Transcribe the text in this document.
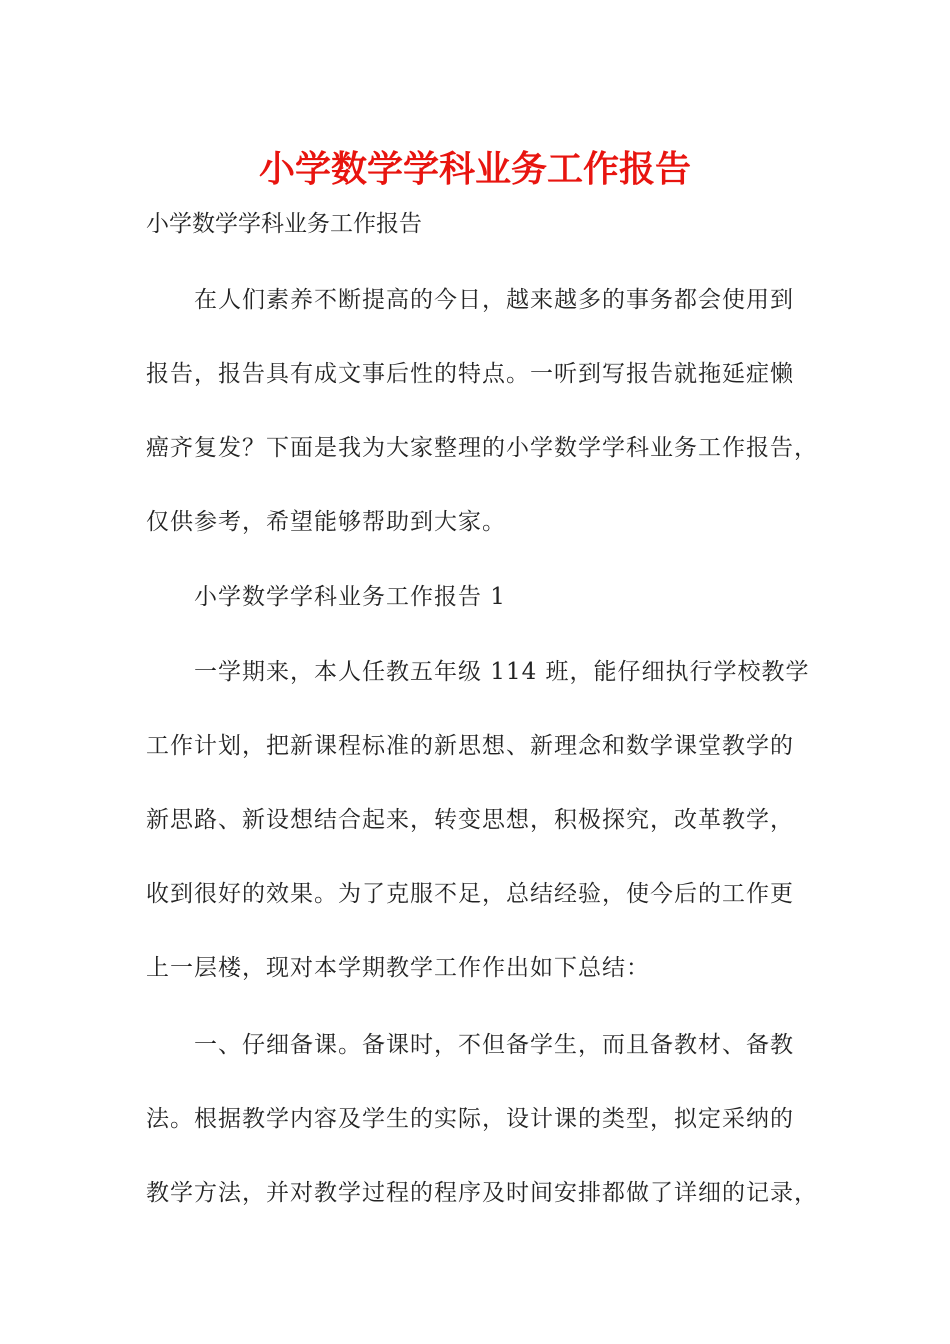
小学数学学科业务工作报告

小学数学学科业务工作报告

在人们素养不断提高的今日，越来越多的事务都会使用到

报告，报告具有成文事后性的特点。一听到写报告就拖延症懒

癌齐复发？下面是我为大家整理的小学数学学科业务工作报告，

仅供参考，希望能够帮助到大家。

小学数学学科业务工作报告 1

一学期来，本人任教五年级 114 班，能仔细执行学校教学

工作计划，把新课程标准的新思想、新理念和数学课堂教学的

新思路、新设想结合起来，转变思想，积极探究，改革教学，

收到很好的效果。为了克服不足，总结经验，使今后的工作更

上一层楼，现对本学期教学工作作出如下总结：

一、仔细备课。备课时，不但备学生，而且备教材、备教

法。根据教学内容及学生的实际，设计课的类型，拟定采纳的

教学方法，并对教学过程的程序及时间安排都做了详细的记录，
